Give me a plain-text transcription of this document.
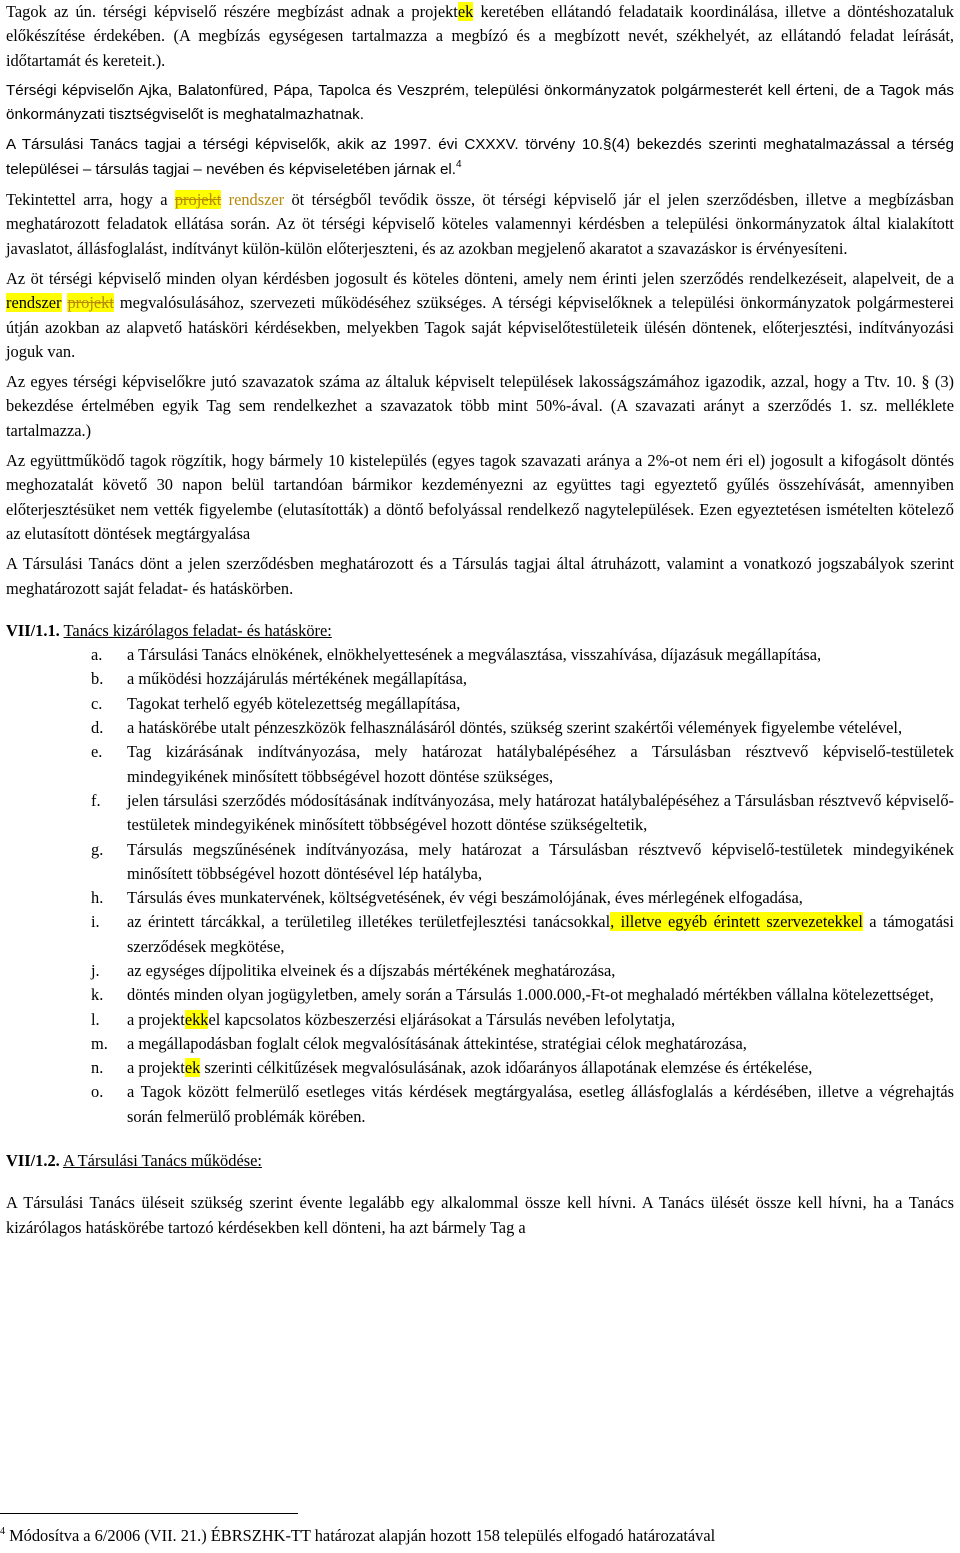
Tagok az ún. térségi képviselő részére megbízást adnak a projektek keretében ellátandó feladataik koordinálása, illetve a döntéshozataluk előkészítése érdekében. (A megbízás egységesen tartalmazza a megbízó és a megbízott nevét, székhelyét, az ellátandó feladat leírását, időtartamát és kereteit.).

Térségi képviselőn Ajka, Balatonfüred, Pápa, Tapolca és Veszprém, települési önkormányzatok polgármesterét kell érteni, de a Tagok más önkormányzati tisztségviselőt is meghatalmazhatnak.

A Társulási Tanács tagjai a térségi képviselők, akik az 1997. évi CXXXV. törvény 10.§(4) bekezdés szerinti meghatalmazással a térség települései – társulás tagjai – nevében és képviseletében járnak el.$^4$

Tekintettel arra, hogy a projekt rendszer öt térségből tevődik össze, öt térségi képviselő jár el jelen szerződésben, illetve a megbízásban meghatározott feladatok ellátása során. Az öt térségi képviselő köteles valamennyi kérdésben a települési önkormányzatok által kialakított javaslatot, állásfoglalást, indítványt külön-külön előterjeszteni, és az azokban megjelenő akaratot a szavazáskor is érvényesíteni.

Az öt térségi képviselő minden olyan kérdésben jogosult és köteles dönteni, amely nem érinti jelen szerződés rendelkezéseit, alapelveit, de a rendszer projekt megvalósulásához, szervezeti működéséhez szükséges. A térségi képviselőknek a települési önkormányzatok polgármesterei útján azokban az alapvető hatásköri kérdésekben, melyekben Tagok saját képviselőtestületeik ülésén döntenek, előterjesztési, indítványozási joguk van.

Az egyes térségi képviselőkre jutó szavazatok száma az általuk képviselt települések lakosságszámához igazodik, azzal, hogy a Ttv. 10. § (3) bekezdése értelmében egyik Tag sem rendelkezhet a szavazatok több mint 50%-ával. (A szavazati arányt a szerződés 1. sz. melléklete tartalmazza.)

Az együttműködő tagok rögzítik, hogy bármely 10 kistelepülés (egyes tagok szavazati aránya a 2%-ot nem éri el) jogosult a kifogásolt döntés meghozatalát követő 30 napon belül tartandóan bármikor kezdeményezni az együttes tagi egyeztető gyűlés összehívását, amennyiben előterjesztésüket nem vették figyelembe (elutasították) a döntő befolyással rendelkező nagytelepülések. Ezen egyeztetésen ismételten kötelező az elutasított döntések megtárgyalása

A Társulási Tanács dönt a jelen szerződésben meghatározott és a Társulás tagjai által átruházott, valamint a vonatkozó jogszabályok szerint meghatározott saját feladat- és hatáskörben.

VII/1.1. Tanács kizárólagos feladat- és hatásköre:

a.	a Társulási Tanács elnökének, elnökhelyettesének a megválasztása, visszahívása, díjazásuk megállapítása,
b.	a működési hozzájárulás mértékének megállapítása,
c.	Tagokat terhelő egyéb kötelezettség megállapítása,
d.	a hatáskörébe utalt pénzeszközök felhasználásáról döntés, szükség szerint szakértői vélemények figyelembe vételével,
e.	Tag kizárásának indítványozása, mely határozat hatálybalépéséhez a Társulásban résztvevő képviselő-testületek mindegyikének minősített többségével hozott döntése szükséges,
f.	jelen társulási szerződés módosításának indítványozása, mely határozat hatálybalépéséhez a Társulásban résztvevő képviselő-testületek mindegyikének minősített többségével hozott döntése szükségeltetik,
g.	Társulás megszűnésének indítványozása, mely határozat a Társulásban résztvevő képviselő-testületek mindegyikének minősített többségével hozott döntésével lép hatályba,
h.	Társulás éves munkatervének, költségvetésének, év végi beszámolójának, éves mérlegének elfogadása,
i.	az érintett tárcákkal, a területileg illetékes területfejlesztési tanácsokkal, illetve egyéb érintett szervezetekkel a támogatási szerződések megkötése,
j.	az egységes díjpolitika elveinek és a díjszabás mértékének meghatározása,
k.	döntés minden olyan jogügyletben, amely során a Társulás 1.000.000,-Ft-ot meghaladó mértékben vállalna kötelezettséget,
l.	a projektekkel kapcsolatos közbeszerzési eljárásokat a Társulás nevében lefolytatja,
m.	a megállapodásban foglalt célok megvalósításának áttekintése, stratégiai célok meghatározása,
n.	a projektek szerinti célkitűzések megvalósulásának, azok időarányos állapotának elemzése és értékelése,
o.	a Tagok között felmerülő esetleges vitás kérdések megtárgyalása, esetleg állásfoglalás a kérdésében, illetve a végrehajtás során felmerülő problémák körében.

VII/1.2. A Társulási Tanács működése:

A Társulási Tanács üléseit szükség szerint évente legalább egy alkalommal össze kell hívni. A Tanács ülését össze kell hívni, ha a Tanács kizárólagos hatáskörébe tartozó kérdésekben kell dönteni, ha azt bármely Tag a

$^4$ Módosítva a 6/2006 (VII. 21.) ÉBRSZHK-TT határozat alapján hozott 158 település elfogadó határozatával
